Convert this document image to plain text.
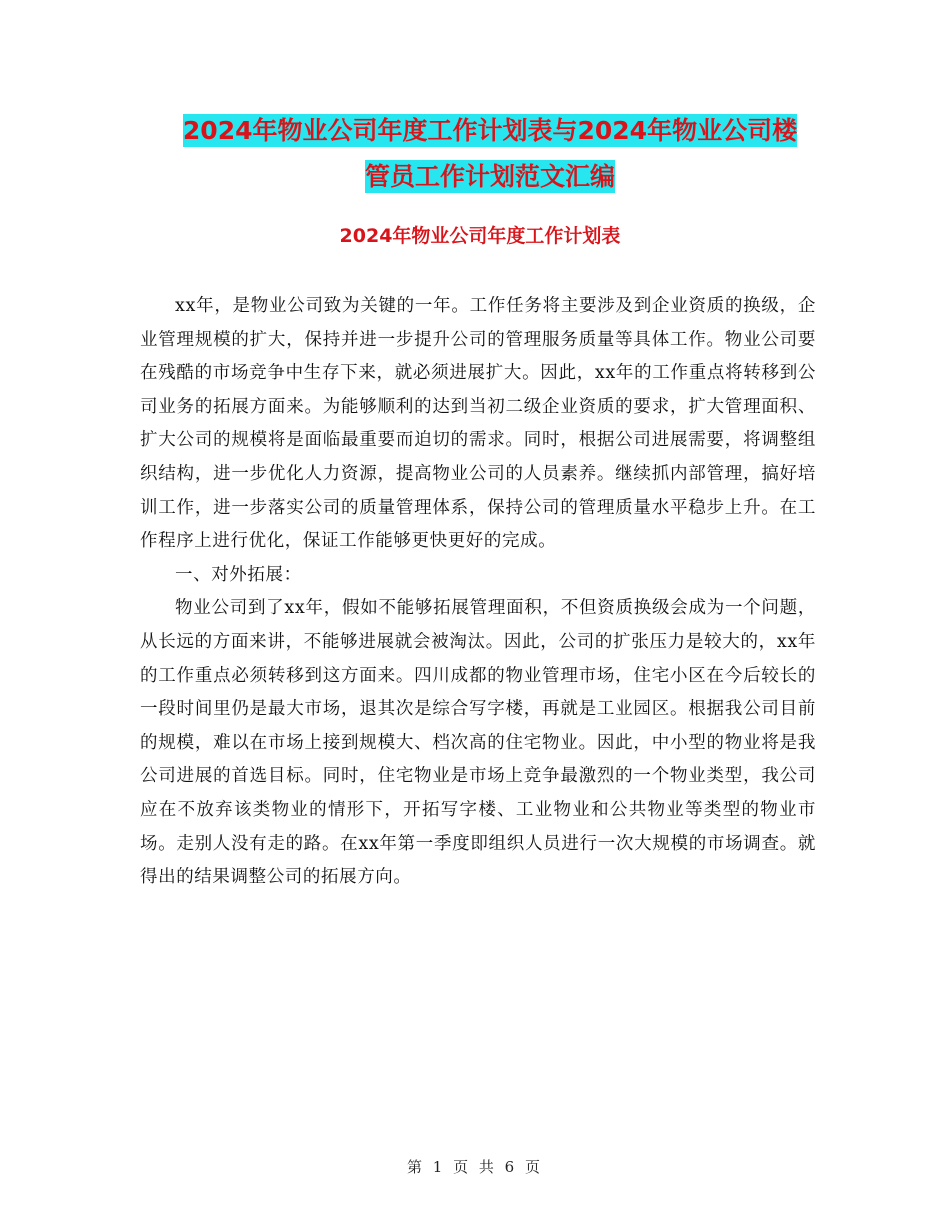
2024年物业公司年度工作计划表与2024年物业公司楼
管员工作计划范文汇编
2024年物业公司年度工作计划表

xx年，是物业公司致为关键的一年。工作任务将主要涉及到企业资质的换级，企业管理规模的扩大，保持并进一步提升公司的管理服务质量等具体工作。物业公司要在残酷的市场竞争中生存下来，就必须进展扩大。因此，xx年的工作重点将转移到公司业务的拓展方面来。为能够顺利的达到当初二级企业资质的要求，扩大管理面积、扩大公司的规模将是面临最重要而迫切的需求。同时，根据公司进展需要，将调整组织结构，进一步优化人力资源，提高物业公司的人员素养。继续抓内部管理，搞好培训工作，进一步落实公司的质量管理体系，保持公司的管理质量水平稳步上升。在工作程序上进行优化，保证工作能够更快更好的完成。

一、对外拓展：

物业公司到了xx年，假如不能够拓展管理面积，不但资质换级会成为一个问题，从长远的方面来讲，不能够进展就会被淘汰。因此，公司的扩张压力是较大的，xx年的工作重点必须转移到这方面来。四川成都的物业管理市场，住宅小区在今后较长的一段时间里仍是最大市场，退其次是综合写字楼，再就是工业园区。根据我公司目前的规模，难以在市场上接到规模大、档次高的住宅物业。因此，中小型的物业将是我公司进展的首选目标。同时，住宅物业是市场上竞争最激烈的一个物业类型，我公司应在不放弃该类物业的情形下，开拓写字楼、工业物业和公共物业等类型的物业市场。走别人没有走的路。在xx年第一季度即组织人员进行一次大规模的市场调查。就得出的结果调整公司的拓展方向。

第 1 页 共 6 页
